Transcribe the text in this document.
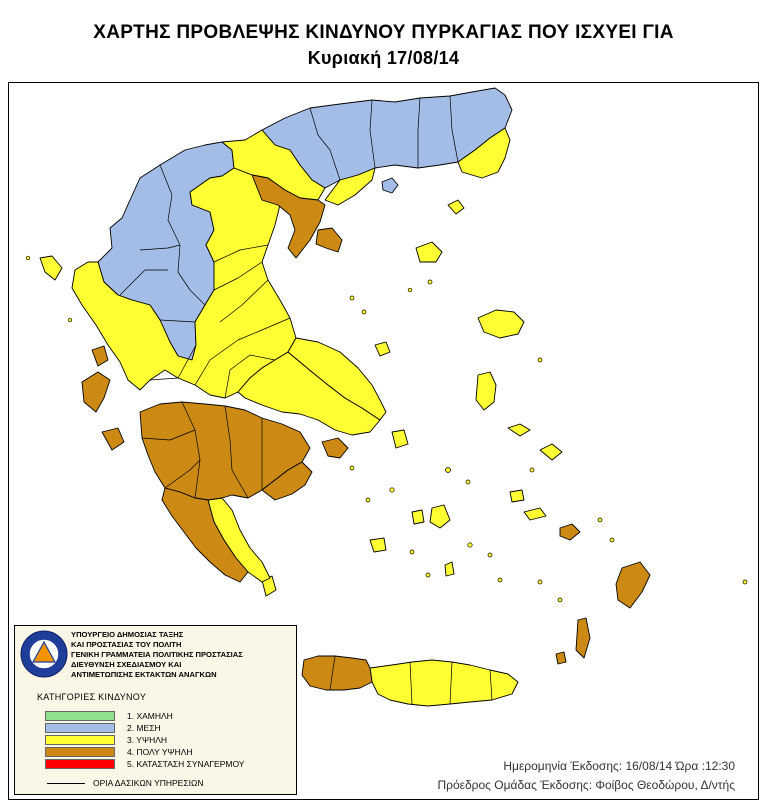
ΧΑΡΤΗΣ ΠΡΟΒΛΕΨΗΣ ΚΙΝΔΥΝΟΥ ΠΥΡΚΑΓΙΑΣ ΠΟΥ ΙΣΧΥΕΙ ΓΙΑ
Κυριακή 17/08/14
ΥΠΟΥΡΓΕΙΟ ΔΗΜΟΣΙΑΣ ΤΑΞΗΣ
ΚΑΙ ΠΡΟΣΤΑΣΙΑΣ ΤΟΥ ΠΟΛΙΤΗ
ΓΕΝΙΚΗ ΓΡΑΜΜΑΤΕΙΑ ΠΟΛΙΤΙΚΗΣ ΠΡΟΣΤΑΣΙΑΣ
ΔΙΕΥΘΥΝΣΗ ΣΧΕΔΙΑΣΜΟΥ ΚΑΙ
ΑΝΤΙΜΕΤΩΠΙΣΗΣ ΕΚΤΑΚΤΩΝ ΑΝΑΓΚΩΝ
ΚΑΤΗΓΟΡΙΕΣ ΚΙΝΔΥΝΟΥ
1. ΧΑΜΗΛΗ
2. ΜΕΣΗ
3. ΥΨΗΛΗ
4. ΠΟΛΥ ΥΨΗΛΗ
5. ΚΑΤΑΣΤΑΣΗ ΣΥΝΑΓΕΡΜΟΥ
ΟΡΙΑ ΔΑΣΙΚΩΝ ΥΠΗΡΕΣΙΩΝ
Ημερομηνία Έκδοσης: 16/08/14 Ώρα :12:30
Πρόεδρος Ομάδας Έκδοσης: Φοίβος Θεοδώρου, Δ/ντής
